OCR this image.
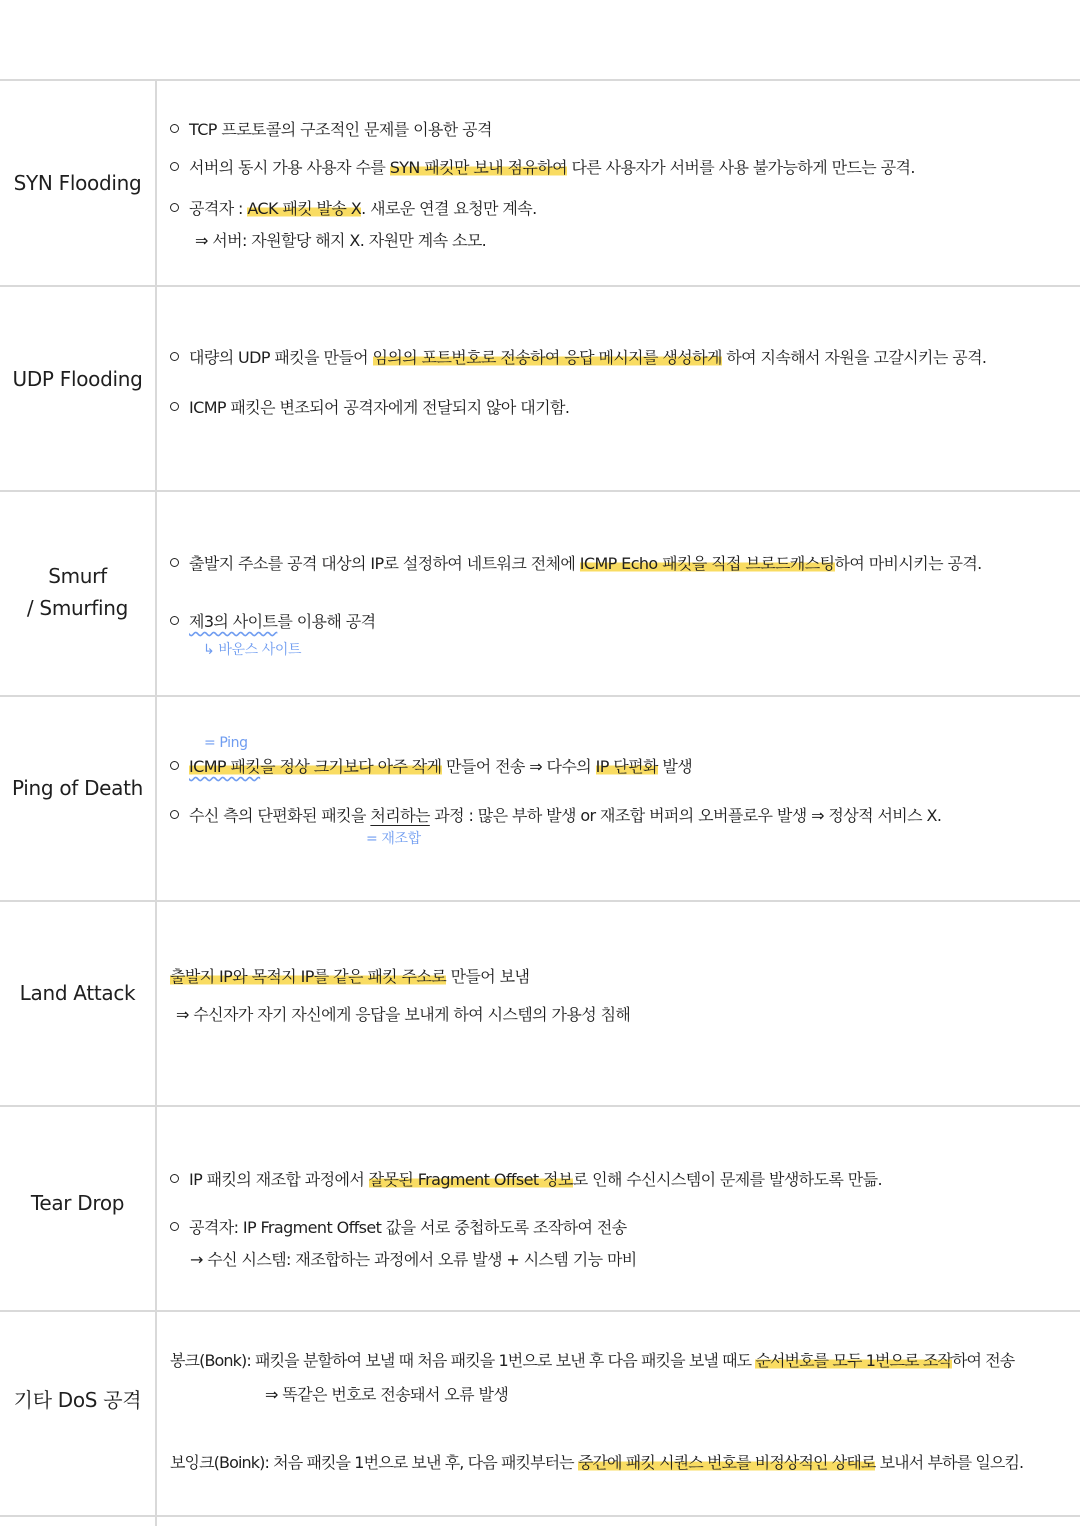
SYN Flooding
TCP 프로토콜의 구조적인 문제를 이용한 공격
서버의 동시 가용 사용자 수를 SYN 패킷만 보내 점유하여 다른 사용자가 서버를 사용 불가능하게 만드는 공격.
공격자 : ACK 패킷 발송 X. 새로운 연결 요청만 계속.
⇒ 서버: 자원할당 해지 X. 자원만 계속 소모.
UDP Flooding
대량의 UDP 패킷을 만들어 임의의 포트번호로 전송하여 응답 메시지를 생성하게 하여 지속해서 자원을 고갈시키는 공격.
ICMP 패킷은 변조되어 공격자에게 전달되지 않아 대기함.
Smurf
/ Smurfing
출발지 주소를 공격 대상의 IP로 설정하여 네트워크 전체에 ICMP Echo 패킷을 직접 브로드캐스팅하여 마비시키는 공격.
제3의 사이트를 이용해 공격
↳ 바운스 사이트
Ping of Death
= Ping
ICMP 패킷을 정상 크기보다 아주 작게 만들어 전송 ⇒ 다수의 IP 단편화 발생
수신 측의 단편화된 패킷을 처리하는 과정 : 많은 부하 발생 or 재조합 버퍼의 오버플로우 발생 ⇒ 정상적 서비스 X.
= 재조합
Land Attack
출발지 IP와 목적지 IP를 같은 패킷 주소로 만들어 보냄
⇒ 수신자가 자기 자신에게 응답을 보내게 하여 시스템의 가용성 침해
Tear Drop
IP 패킷의 재조합 과정에서 잘못된 Fragment Offset 정보로 인해 수신시스템이 문제를 발생하도록 만듦.
공격자: IP Fragment Offset 값을 서로 중첩하도록 조작하여 전송
→ 수신 시스템: 재조합하는 과정에서 오류 발생 + 시스템 기능 마비
기타 DoS 공격
봉크(Bonk): 패킷을 분할하여 보낼 때 처음 패킷을 1번으로 보낸 후 다음 패킷을 보낼 때도 순서번호를 모두 1번으로 조작하여 전송
⇒ 똑같은 번호로 전송돼서 오류 발생
보잉크(Boink): 처음 패킷을 1번으로 보낸 후, 다음 패킷부터는 중간에 패킷 시퀀스 번호를 비정상적인 상태로 보내서 부하를 일으킴.
